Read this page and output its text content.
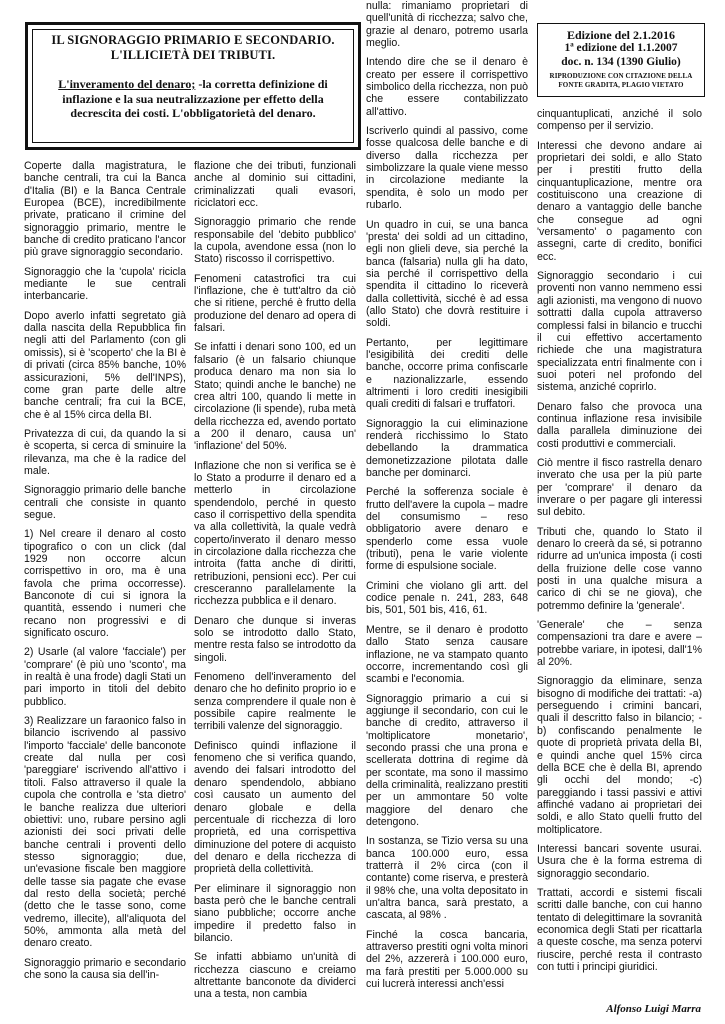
IL SIGNORAGGIO PRIMARIO E SECONDARIO. L'ILLICIETÀ DEI TRIBUTI.

L'inveramento del denaro; -la corretta definizione di inflazione e la sua neutralizzazione per effetto della decrescita dei costi. L'obbligatorietà del denaro.

Edizione del 2.1.2016
1ª edizione del 1.1.2007
doc. n. 134 (1390 Giulio)
RIPRODUZIONE CON CITAZIONE DELLA FONTE GRADITA, PLAGIO VIETATO

Coperte dalla magistratura, le banche centrali, tra cui la Banca d'Italia (BI) e la Banca Centrale Europea (BCE), incredibilmente private, praticano il crimine del signoraggio primario, mentre le banche di credito praticano l'ancor più grave signoraggio secondario.

Signoraggio che la 'cupola' ricicla mediante le sue centrali interbancarie.

Dopo averlo infatti segretato già dalla nascita della Repubblica fin negli atti del Parlamento (con gli omissis), si è 'scoperto' che la BI è di privati (circa 85% banche, 10% assicurazioni, 5% dell'INPS), come gran parte delle altre banche centrali; fra cui la BCE, che è al 15% circa della BI.

Privatezza di cui, da quando la si è scoperta, si cerca di sminuire la rilevanza, ma che è la radice del male.

Signoraggio primario delle banche centrali che consiste in quanto segue.

1) Nel creare il denaro al costo tipografico o con un click (dal 1929 non occorre alcun corrispettivo in oro, ma è una favola che prima occorresse). Banconote di cui si ignora la quantità, essendo i numeri che recano non progressivi e di significato oscuro.

2) Usarle (al valore 'facciale') per 'comprare' (è più uno 'sconto', ma in realtà è una frode) dagli Stati un pari importo in titoli del debito pubblico.

3) Realizzare un faraonico falso in bilancio iscrivendo al passivo l'importo 'facciale' delle banconote create dal nulla per così 'pareggiare' iscrivendo all'attivo i titoli. Falso attraverso il quale la cupola che controlla e 'sta dietro' le banche realizza due ulteriori obiettivi: uno, rubare persino agli azionisti dei soci privati delle banche centrali i proventi dello stesso signoraggio; due, un'evasione fiscale ben maggiore delle tasse sia pagate che evase dal resto della società; perché (detto che le tasse sono, come vedremo, illecite), all'aliquota del 50%, ammonta alla metà del denaro creato.

Signoraggio primario e secondario che sono la causa sia dell'in-

flazione che dei tributi, funzionali anche al dominio sui cittadini, criminalizzati quali evasori, riciclatori ecc.

Signoraggio primario che rende responsabile del 'debito pubblico' la cupola, avendone essa (non lo Stato) riscosso il corrispettivo.

Fenomeni catastrofici tra cui l'inflazione, che è tutt'altro da ciò che si ritiene, perché è frutto della produzione del denaro ad opera di falsari.

Se infatti i denari sono 100, ed un falsario (è un falsario chiunque produca denaro ma non sia lo Stato; quindi anche le banche) ne crea altri 100, quando li mette in circolazione (li spende), ruba metà della ricchezza ed, avendo portato a 200 il denaro, causa un' 'inflazione' del 50%.

Inflazione che non si verifica se è lo Stato a produrre il denaro ed a metterlo in circolazione spendendolo, perché in questo caso il corrispettivo della spendita va alla collettività, la quale vedrà coperto/inverato il denaro messo in circolazione dalla ricchezza che introita (fatta anche di diritti, retribuzioni, pensioni ecc). Per cui cresceranno parallelamente la ricchezza pubblica e il denaro.

Denaro che dunque si inveras solo se introdotto dallo Stato, mentre resta falso se introdotto da singoli.

Fenomeno dell'inveramento del denaro che ho definito proprio io e senza comprendere il quale non è possibile capire realmente le terribili valenze del signoraggio.

Definisco quindi inflazione il fenomeno che si verifica quando, avendo dei falsari introdotto del denaro spendendolo, abbiano così causato un aumento del denaro globale e della percentuale di ricchezza di loro proprietà, ed una corrispettiva diminuzione del potere di acquisto del denaro e della ricchezza di proprietà della collettività.

Per eliminare il signoraggio non basta però che le banche centrali siano pubbliche; occorre anche impedire il predetto falso in bilancio.

Se infatti abbiamo un'unità di ricchezza ciascuno e creiamo altrettante banconote da dividerci una a testa, non cambia

nulla: rimaniamo proprietari di quell'unità di ricchezza; salvo che, grazie al denaro, potremo usarla meglio.

Intendo dire che se il denaro è creato per essere il corrispettivo simbolico della ricchezza, non può che essere contabilizzato all'attivo.

Iscriverlo quindi al passivo, come fosse qualcosa delle banche e di diverso dalla ricchezza per simbolizzare la quale viene messo in circolazione mediante la spendita, è solo un modo per rubarlo.

Un quadro in cui, se una banca 'presta' dei soldi ad un cittadino, egli non glieli deve, sia perché la banca (falsaria) nulla gli ha dato, sia perché il corrispettivo della spendita il cittadino lo riceverà dalla collettività, sicché è ad essa (allo Stato) che dovrà restituire i soldi.

Pertanto, per legittimare l'esigibilità dei crediti delle banche, occorre prima confiscarle e nazionalizzarle, essendo altrimenti i loro crediti inesigibili quali crediti di falsari e truffatori.

Signoraggio la cui eliminazione renderà ricchissimo lo Stato debellando la drammatica demonetizzazione pilotata dalle banche per dominarci.

Perché la sofferenza sociale è frutto dell'avere la cupola – madre del consumismo – reso obbligatorio avere denaro e spenderlo come essa vuole (tributi), pena le varie violente forme di espulsione sociale.

Crimini che violano gli artt. del codice penale n. 241, 283, 648 bis, 501, 501 bis, 416, 61.

Mentre, se il denaro è prodotto dallo Stato senza causare inflazione, ne va stampato quanto occorre, incrementando così gli scambi e l'economia.

Signoraggio primario a cui si aggiunge il secondario, con cui le banche di credito, attraverso il 'moltiplicatore monetario', secondo prassi che una prona e scellerata dottrina di regime dà per scontate, ma sono il massimo della criminalità, realizzano prestiti per un ammontare 50 volte maggiore del denaro che detengono.

In sostanza, se Tizio versa su una banca 100.000 euro, essa tratterrà il 2% circa (con il contante) come riserva, e presterà il 98% che, una volta depositato in un'altra banca, sarà prestato, a cascata, al 98% .

Finché la cosca bancaria, attraverso prestiti ogni volta minori del 2%, azzererà i 100.000 euro, ma farà prestiti per 5.000.000 su cui lucrerà interessi anch'essi

cinquantuplicati, anziché il solo compenso per il servizio.

Interessi che devono andare ai proprietari dei soldi, e allo Stato per i prestiti frutto della cinquantuplicazione, mentre ora costituiscono una creazione di denaro a vantaggio delle banche che consegue ad ogni 'versamento' o pagamento con assegni, carte di credito, bonifici ecc.

Signoraggio secondario i cui proventi non vanno nemmeno essi agli azionisti, ma vengono di nuovo sottratti dalla cupola attraverso complessi falsi in bilancio e trucchi il cui effettivo accertamento richiede che una magistratura specializzata entri finalmente con i suoi poteri nel profondo del sistema, anziché coprirlo.

Denaro falso che provoca una continua inflazione resa invisibile dalla parallela diminuzione dei costi produttivi e commerciali.

Ciò mentre il fisco rastrella denaro inverato che usa per la più parte per 'comprare' il denaro da inverare o per pagare gli interessi sul debito.

Tributi che, quando lo Stato il denaro lo creerà da sé, si potranno ridurre ad un'unica imposta (i costi della fruizione delle cose vanno posti in una qualche misura a carico di chi se ne giova), che potremmo definire la 'generale'.

'Generale' che – senza compensazioni tra dare e avere – potrebbe variare, in ipotesi, dall'1% al 20%.

Signoraggio da eliminare, senza bisogno di modifiche dei trattati: -a) perseguendo i crimini bancari, quali il descritto falso in bilancio; -b) confiscando penalmente le quote di proprietà privata della BI, e quindi anche quel 15% circa della BCE che è della BI, aprendo gli occhi del mondo; -c) pareggiando i tassi passivi e attivi affinché vadano ai proprietari dei soldi, e allo Stato quelli frutto del moltiplicatore.

Interessi bancari sovente usurai. Usura che è la forma estrema di signoraggio secondario.

Trattati, accordi e sistemi fiscali scritti dalle banche, con cui hanno tentato di delegittimare la sovranità economica degli Stati per ricattarla a queste cosche, ma senza potervi riuscire, perché resta il contrasto con tutti i principi giuridici.

Alfonso Luigi Marra
